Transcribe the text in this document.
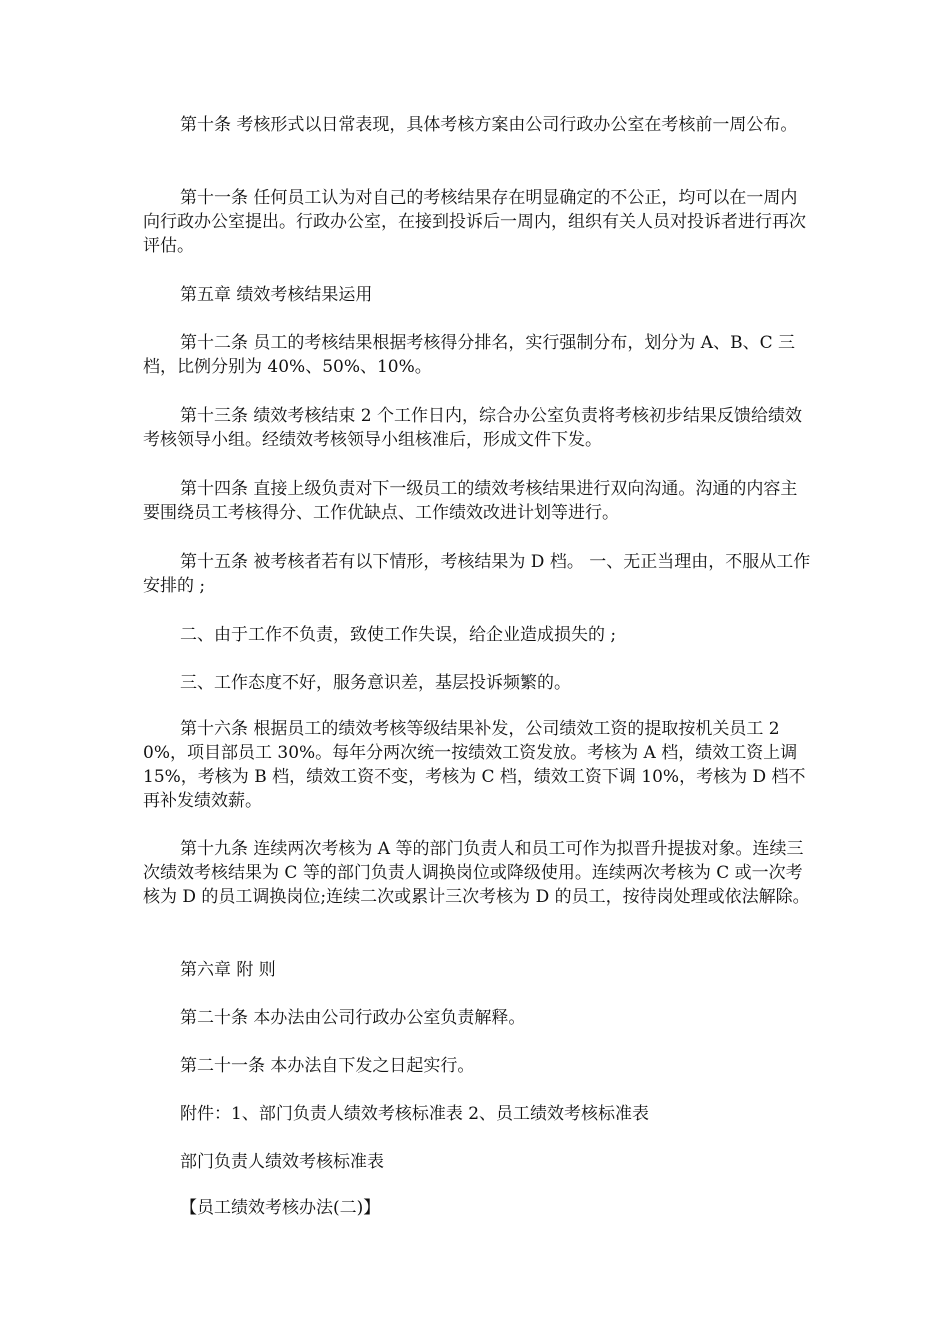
第十条 考核形式以日常表现，具体考核方案由公司行政办公室在考核前一周公布。

第十一条 任何员工认为对自己的考核结果存在明显确定的不公正，均可以在一周内向行政办公室提出。行政办公室，在接到投诉后一周内，组织有关人员对投诉者进行再次评估。

第五章 绩效考核结果运用

第十二条 员工的考核结果根据考核得分排名，实行强制分布，划分为 A、B、C 三档，比例分别为 40%、50%、10%。

第十三条 绩效考核结束 2 个工作日内，综合办公室负责将考核初步结果反馈给绩效考核领导小组。经绩效考核领导小组核准后，形成文件下发。

第十四条 直接上级负责对下一级员工的绩效考核结果进行双向沟通。沟通的内容主要围绕员工考核得分、工作优缺点、工作绩效改进计划等进行。

第十五条 被考核者若有以下情形，考核结果为 D 档。 一、无正当理由，不服从工作安排的 ;

二、由于工作不负责，致使工作失误，给企业造成损失的 ;

三、工作态度不好，服务意识差，基层投诉频繁的。

第十六条 根据员工的绩效考核等级结果补发，公司绩效工资的提取按机关员工 20%，项目部员工 30%。每年分两次统一按绩效工资发放。考核为 A 档，绩效工资上调 15%，考核为 B 档，绩效工资不变，考核为 C 档，绩效工资下调 10%，考核为 D 档不再补发绩效薪。

第十九条 连续两次考核为 A 等的部门负责人和员工可作为拟晋升提拔对象。连续三次绩效考核结果为 C 等的部门负责人调换岗位或降级使用。连续两次考核为 C 或一次考核为 D 的员工调换岗位;连续二次或累计三次考核为 D 的员工，按待岗处理或依法解除。

第六章 附 则

第二十条 本办法由公司行政办公室负责解释。

第二十一条 本办法自下发之日起实行。

附件：1、部门负责人绩效考核标准表 2、员工绩效考核标准表

部门负责人绩效考核标准表

【员工绩效考核办法(二)】
